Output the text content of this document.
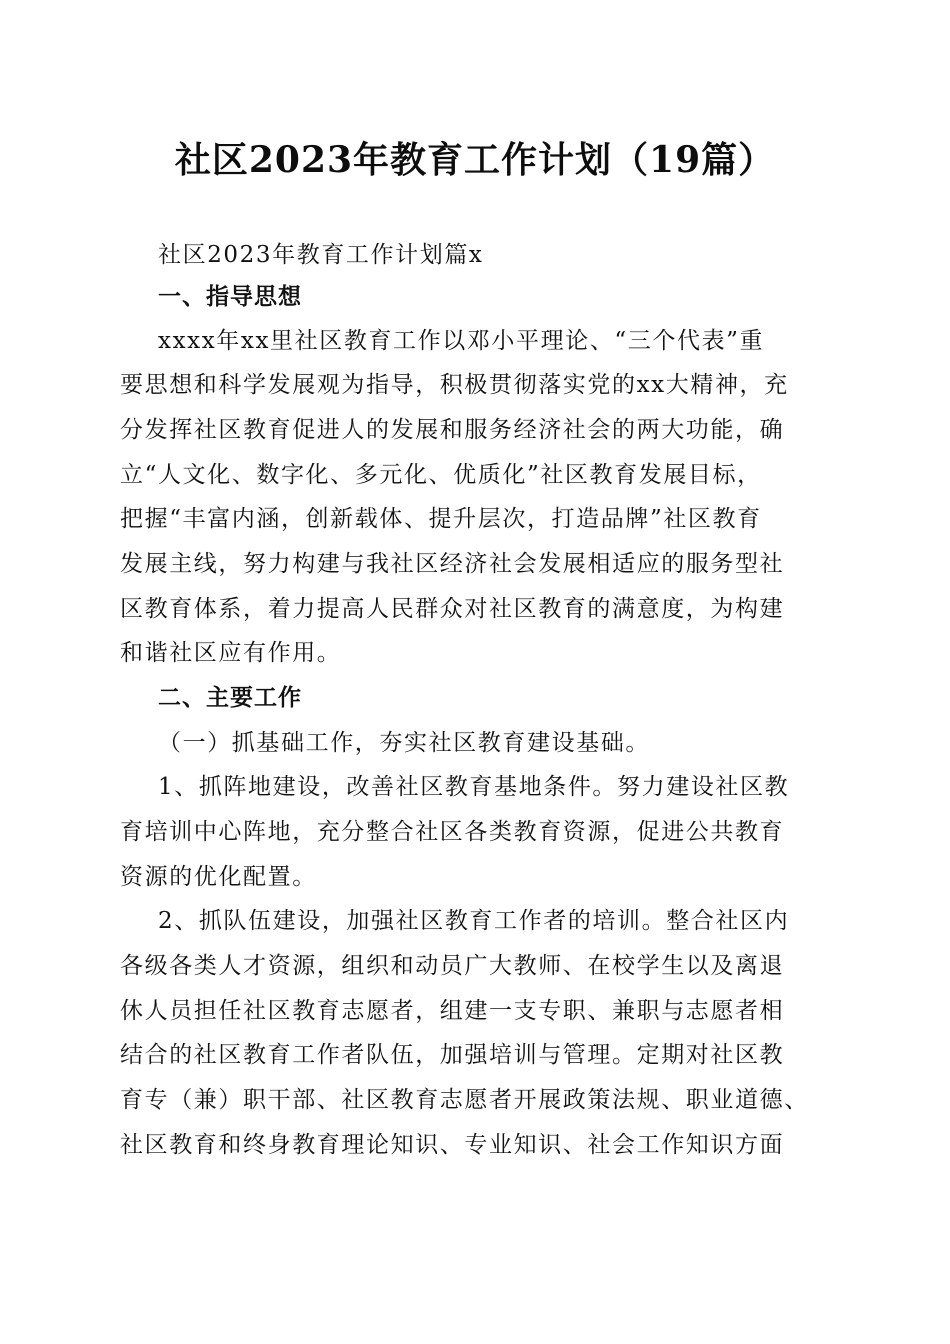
社区2023年教育工作计划（19篇）
社区2023年教育工作计划篇x
一、指导思想
xxxx年xx里社区教育工作以邓小平理论、“三个代表”重
要思想和科学发展观为指导，积极贯彻落实党的xx大精神，充
分发挥社区教育促进人的发展和服务经济社会的两大功能，确
立“人文化、数字化、多元化、优质化”社区教育发展目标，
把握“丰富内涵，创新载体、提升层次，打造品牌”社区教育
发展主线，努力构建与我社区经济社会发展相适应的服务型社
区教育体系，着力提高人民群众对社区教育的满意度，为构建
和谐社区应有作用。
二、主要工作
（一）抓基础工作，夯实社区教育建设基础。
1、抓阵地建设，改善社区教育基地条件。努力建设社区教
育培训中心阵地，充分整合社区各类教育资源，促进公共教育
资源的优化配置。
2、抓队伍建设，加强社区教育工作者的培训。整合社区内
各级各类人才资源，组织和动员广大教师、在校学生以及离退
休人员担任社区教育志愿者，组建一支专职、兼职与志愿者相
结合的社区教育工作者队伍，加强培训与管理。定期对社区教
育专（兼）职干部、社区教育志愿者开展政策法规、职业道德、
社区教育和终身教育理论知识、专业知识、社会工作知识方面
